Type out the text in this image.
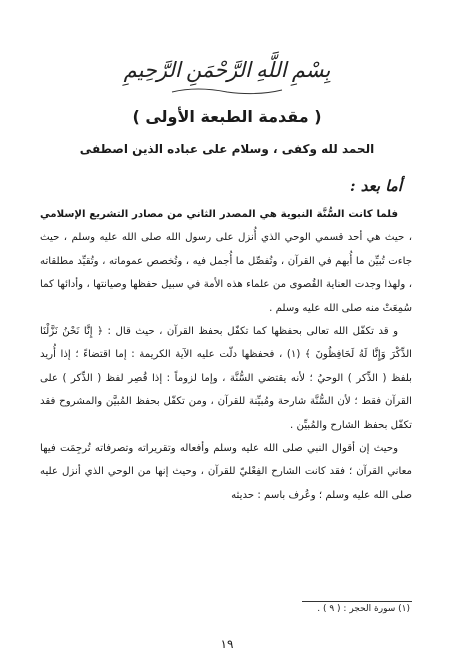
بِسْمِ اللَّهِ الرَّحْمَنِ الرَّحِيمِ
( مقدمة الطبعة الأولى )
الحمد لله وكفى ، وسلام على عباده الذين اصطفى
أما بعد :

فلما كانت السُّنَّة النبوية هي المصدر الثاني من مصادر التشريع الإسلامي ، حيث هي أحد قسمي الوحي الذي أُنزل على رسول الله صلى الله عليه وسلم ، حيث جاءت تُبيِّن ما أُبهم في القرآن ، وتُفصِّل ما أُجمل فيه ، وتُخصص عموماته ، وتُقيِّد مطلقاته ، ولهذا وجدت العناية القُصوى من علماء هذه الأمة في سبيل حفظها وصيانتها ، وأدائها كما سُمِعَتْ منه صلى الله عليه وسلم .

و قد تكفّل الله تعالى بحفظها كما تكفّل بحفظ القرآن ، حيث قال : ﴿ إِنَّا نَحْنُ نَزَّلْنَا الذِّكْرَ وَإِنَّا لَهُ لَحَافِظُونَ ﴾ (١) ، فحفظها دلّت عليه الآية الكريمة : إما اقتضاءً ؛ إذا أُريد بلفظ ( الذِّكر ) الوحيُ ؛ لأنه يقتضي السُّنَّة ، وإما لزوماً : إذا قُصِر لفظ ( الذِّكر ) على القرآن فقط ؛ لأن السُّنَّة شارحة ومُبيِّنة للقرآن ، ومن تكفّل بحفظ المُبيَّن والمشروح فقد تكفّل بحفظ الشارح والمُبيِّن .

وحيث إن أقوال النبي صلى الله عليه وسلم وأفعاله وتقريراته وتصرفاته تُرجِمَت فيها معاني القرآن ؛ فقد كانت الشارح الفِعْليّ للقرآن ، وحيث إنها من الوحي الذي أنزل عليه صلى الله عليه وسلم ؛ وعُرف باسم : حديثه

(١) سورة الحجر : ( ٩ ) .
١٩
